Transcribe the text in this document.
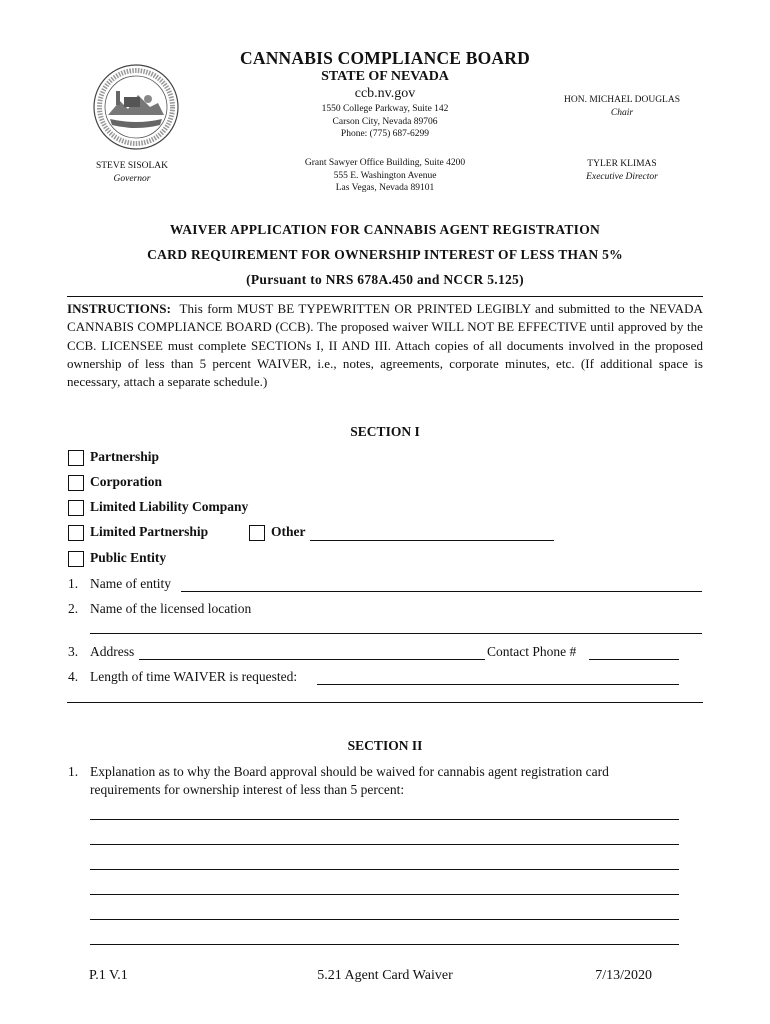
CANNABIS COMPLIANCE BOARD
STATE OF NEVADA
ccb.nv.gov
1550 College Parkway, Suite 142
Carson City, Nevada 89706
Phone: (775) 687-6299
Grant Sawyer Office Building, Suite 4200
555 E. Washington Avenue
Las Vegas, Nevada 89101
HON. MICHAEL DOUGLAS
Chair
STEVE SISOLAK
Governor
TYLER KLIMAS
Executive Director
WAIVER APPLICATION FOR CANNABIS AGENT REGISTRATION
CARD REQUIREMENT FOR OWNERSHIP INTEREST OF LESS THAN 5%
(Pursuant to NRS 678A.450 and NCCR 5.125)
INSTRUCTIONS: This form MUST BE TYPEWRITTEN OR PRINTED LEGIBLY and submitted to the NEVADA CANNABIS COMPLIANCE BOARD (CCB). The proposed waiver WILL NOT BE EFFECTIVE until approved by the CCB. LICENSEE must complete SECTIONs I, II AND III. Attach copies of all documents involved in the proposed ownership of less than 5 percent WAIVER, i.e., notes, agreements, corporate minutes, etc. (If additional space is necessary, attach a separate schedule.)
SECTION I
Partnership
Corporation
Limited Liability Company
Limited Partnership	Other
Public Entity
1. Name of entity
2. Name of the licensed location
3. Address	Contact Phone #
4. Length of time WAIVER is requested:
SECTION II
1. Explanation as to why the Board approval should be waived for cannabis agent registration card
requirements for ownership interest of less than 5 percent:
P.1 V.1	5.21 Agent Card Waiver	7/13/2020
